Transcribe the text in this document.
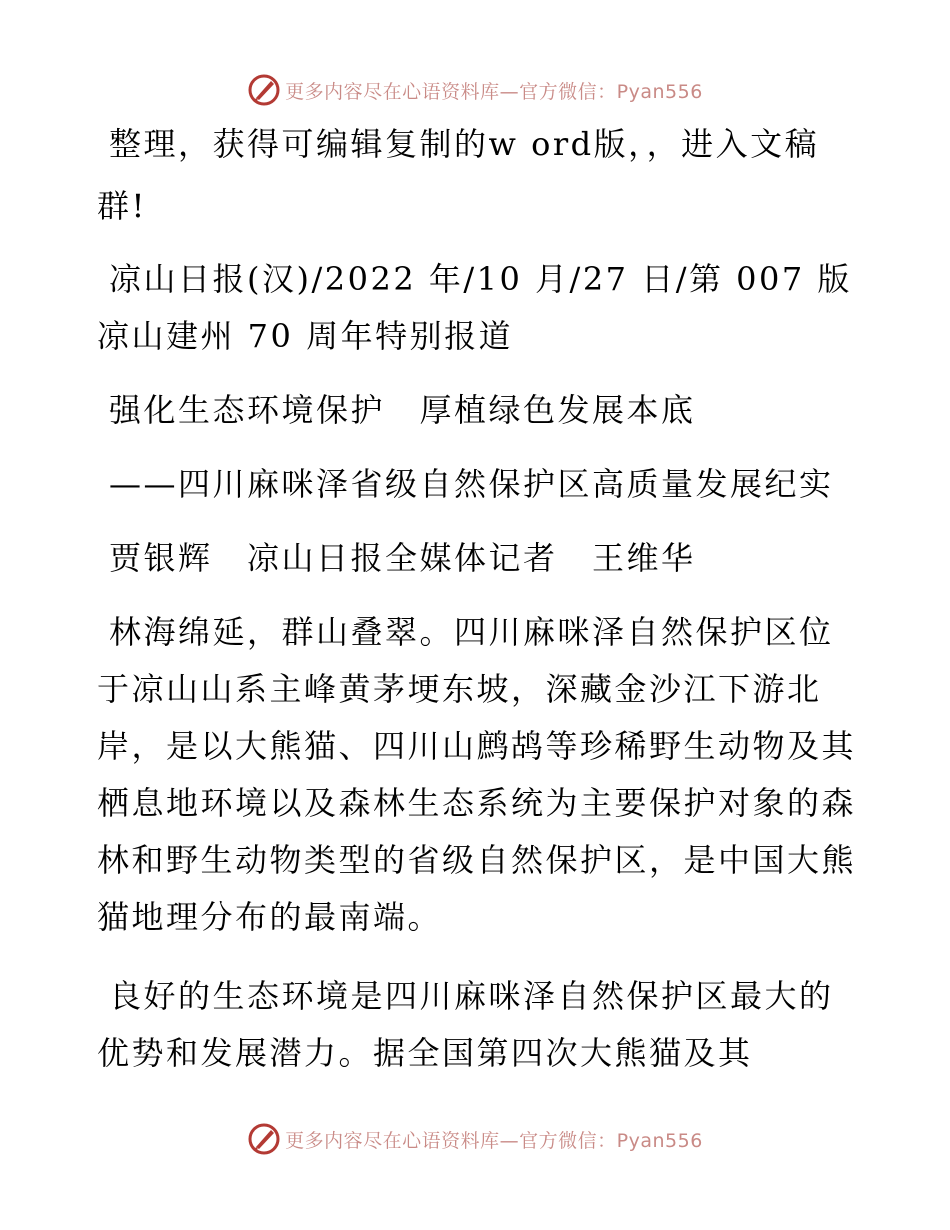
更多内容尽在心语资料库—官方微信：Pyan556
整理，获得可编辑复制的w ord版，，进入文稿
群!
凉山日报(汉)/2022 年/10 月/27 日/第 007 版
凉山建州 70 周年特别报道
强化生态环境保护　厚植绿色发展本底
——四川麻咪泽省级自然保护区高质量发展纪实
贾银辉　凉山日报全媒体记者　王维华
林海绵延，群山叠翠。四川麻咪泽自然保护区位
于凉山山系主峰黄茅埂东坡，深藏金沙江下游北
岸，是以大熊猫、四川山鹧鸪等珍稀野生动物及其
栖息地环境以及森林生态系统为主要保护对象的森
林和野生动物类型的省级自然保护区，是中国大熊
猫地理分布的最南端。
良好的生态环境是四川麻咪泽自然保护区最大的
优势和发展潜力。据全国第四次大熊猫及其
更多内容尽在心语资料库—官方微信：Pyan556
